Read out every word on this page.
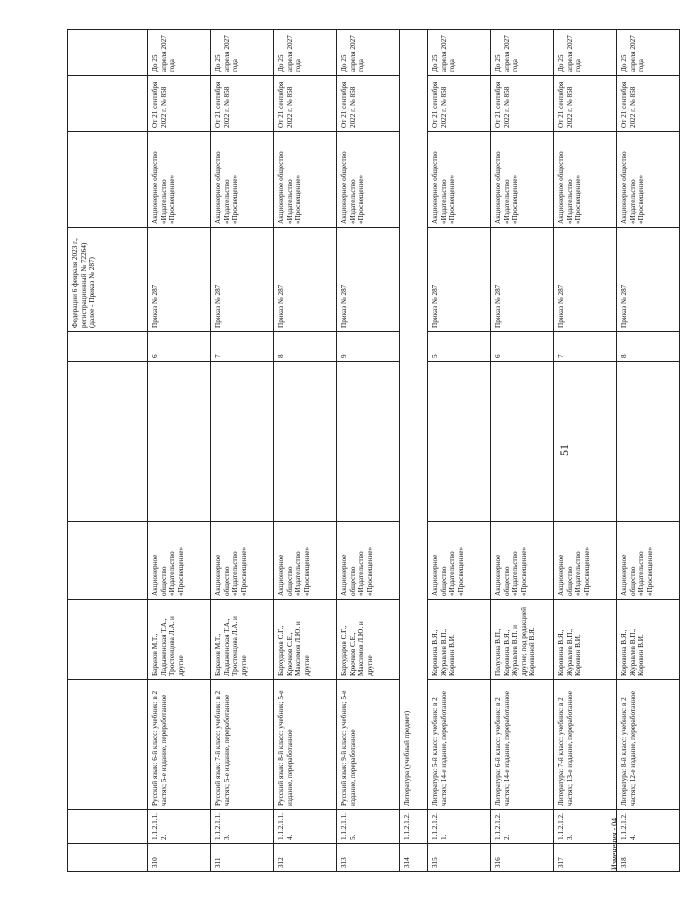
							Федерации 6 февраля 2023 г., регистрационный № 72264) (далее - Приказ № 287)			

310	1.1.2.1.1.2.	Русский язык: 6-й класс: учебник: в 2 частях; 5-е издание, переработанное	Баранов М.Т., Ладыженская Т.А., Тростенцова Л.А. и другие	Акционерное общество «Издательство «Просвещение»		6	Приказ № 287	Акционерное общество «Издательство «Просвещение»	От 21 сентября 2022 г. № 858	До 25 апреля 2027 года

311	1.1.2.1.1.3.	Русский язык: 7-й класс: учебник: в 2 частях; 5-е издание, переработанное	Баранов М.Т., Ладыженская Т.А., Тростенцова Л.А. и другие	Акционерное общество «Издательство «Просвещение»		7	Приказ № 287	Акционерное общество «Издательство «Просвещение»	От 21 сентября 2022 г. № 858	До 25 апреля 2027 года

312	1.1.2.1.1.4.	Русский язык: 8-й класс: учебник; 5-е издание, переработанное	Бархударов С.Г., Крючков С.Е., Максимов Л.Ю. и другие	Акционерное общество «Издательство «Просвещение»		8	Приказ № 287	Акционерное общество «Издательство «Просвещение»	От 21 сентября 2022 г. № 858	До 25 апреля 2027 года

313	1.1.2.1.1.5.	Русский язык: 9-й класс: учебник; 5-е издание, переработанное	Бархударов С.Г., Крючков С.Е., Максимов Л.Ю. и другие	Акционерное общество «Издательство «Просвещение»		9	Приказ № 287	Акционерное общество «Издательство «Просвещение»	От 21 сентября 2022 г. № 858	До 25 апреля 2027 года

314	1.1.2.1.2.	Литература (учебный предмет)								

315	1.1.2.1.2.1.	Литература: 5-й класс: учебник: в 2 частях; 14-е издание, переработанное	Коровина В.Я., Журавлев В.П., Коровин В.И.	Акционерное общество «Издательство «Просвещение»		5	Приказ № 287	Акционерное общество «Издательство «Просвещение»	От 21 сентября 2022 г. № 858	До 25 апреля 2027 года

316	1.1.2.1.2.2.	Литература: 6-й класс: учебник: в 2 частях; 14-е издание, переработанное	Полухина В.П., Коровина В.Я., Журавлев В.П. и другие; под редакцией Коровиной В.Я.	Акционерное общество «Издательство «Просвещение»		6	Приказ № 287	Акционерное общество «Издательство «Просвещение»	От 21 сентября 2022 г. № 858	До 25 апреля 2027 года

317	1.1.2.1.2.3.	Литература: 7-й класс: учебник: в 2 частях; 13-е издание, переработанное	Коровина В.Я., Журавлев В.П., Коровин В.И.	Акционерное общество «Издательство «Просвещение»		7	Приказ № 287	Акционерное общество «Издательство «Просвещение»	От 21 сентября 2022 г. № 858	До 25 апреля 2027 года

318	1.1.2.1.2.4.	Литература: 8-й класс: учебник: в 2 частях; 12-е издание, переработанное	Коровина В.Я., Журавлев В.П., Коровин В.И.	Акционерное общество «Издательство «Просвещение»		8	Приказ № 287	Акционерное общество «Издательство «Просвещение»	От 21 сентября 2022 г. № 858	До 25 апреля 2027 года
51
Изменения - 04
